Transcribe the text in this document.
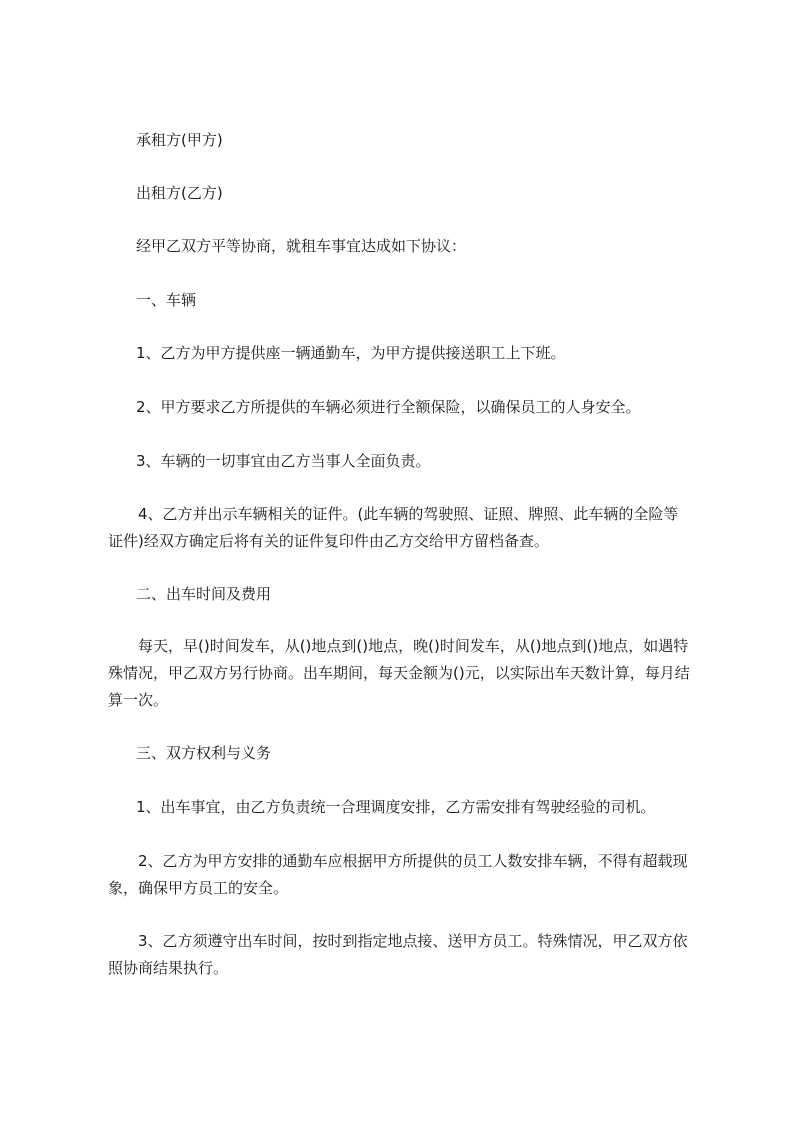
承租方(甲方)

出租方(乙方)

经甲乙双方平等协商，就租车事宜达成如下协议：

一、车辆

1、乙方为甲方提供座一辆通勤车，为甲方提供接送职工上下班。

2、甲方要求乙方所提供的车辆必须进行全额保险，以确保员工的人身安全。

3、车辆的一切事宜由乙方当事人全面负责。

4、乙方并出示车辆相关的证件。(此车辆的驾驶照、证照、牌照、此车辆的全险等证件)经双方确定后将有关的证件复印件由乙方交给甲方留档备查。

二、出车时间及费用

每天，早()时间发车，从()地点到()地点，晚()时间发车，从()地点到()地点，如遇特殊情况，甲乙双方另行协商。出车期间，每天金额为()元，以实际出车天数计算，每月结算一次。

三、双方权利与义务

1、出车事宜，由乙方负责统一合理调度安排，乙方需安排有驾驶经验的司机。

2、乙方为甲方安排的通勤车应根据甲方所提供的员工人数安排车辆，不得有超载现象，确保甲方员工的安全。

3、乙方须遵守出车时间，按时到指定地点接、送甲方员工。特殊情况，甲乙双方依照协商结果执行。
